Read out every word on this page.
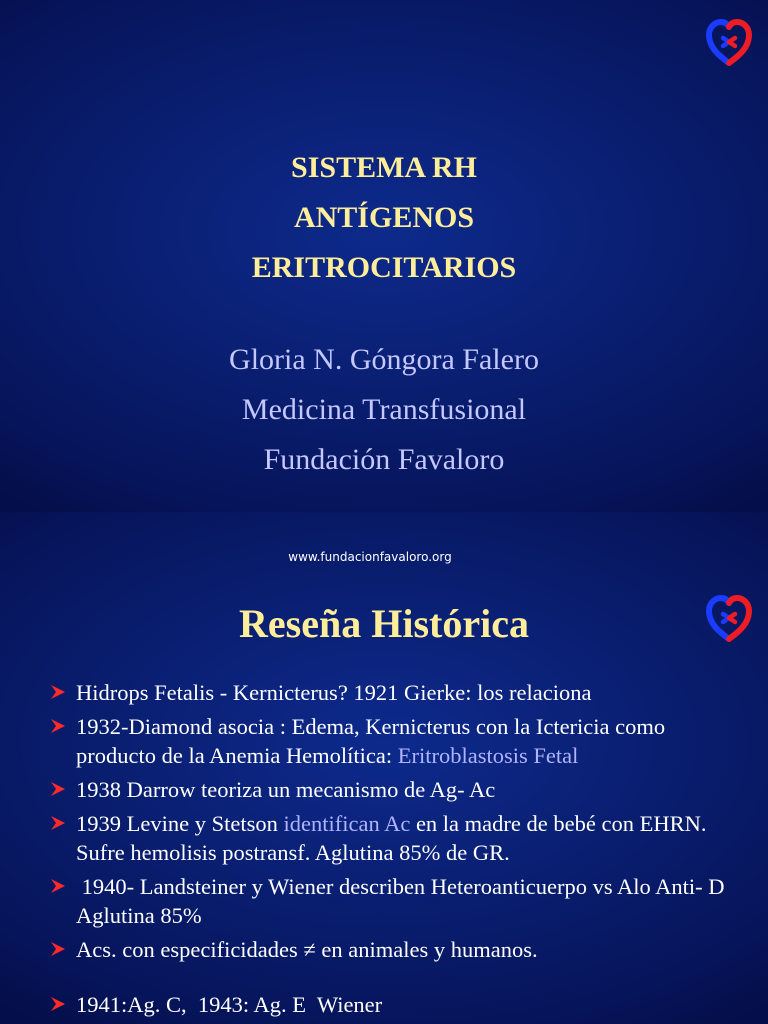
SISTEMA RH
ANTÍGENOS
ERITROCITARIOS
Gloria N. Góngora Falero
Medicina Transfusional
Fundación Favaloro
www.fundacionfavaloro.org
Reseña Histórica
Hidrops Fetalis - Kernicterus? 1921 Gierke: los relaciona
1932-Diamond asocia : Edema, Kernicterus con la Ictericia como producto de la Anemia Hemolítica: Eritroblastosis Fetal
1938 Darrow teoriza un mecanismo de Ag- Ac
1939 Levine y Stetson identifican Ac en la madre de bebé con EHRN. Sufre hemolisis postransf. Aglutina 85% de GR.
1940- Landsteiner y Wiener describen Heteroanticuerpo vs Alo Anti- D Aglutina 85%
Acs. con especificidades ≠ en animales y humanos.
1941:Ag. C,  1943: Ag. E  Wiener
